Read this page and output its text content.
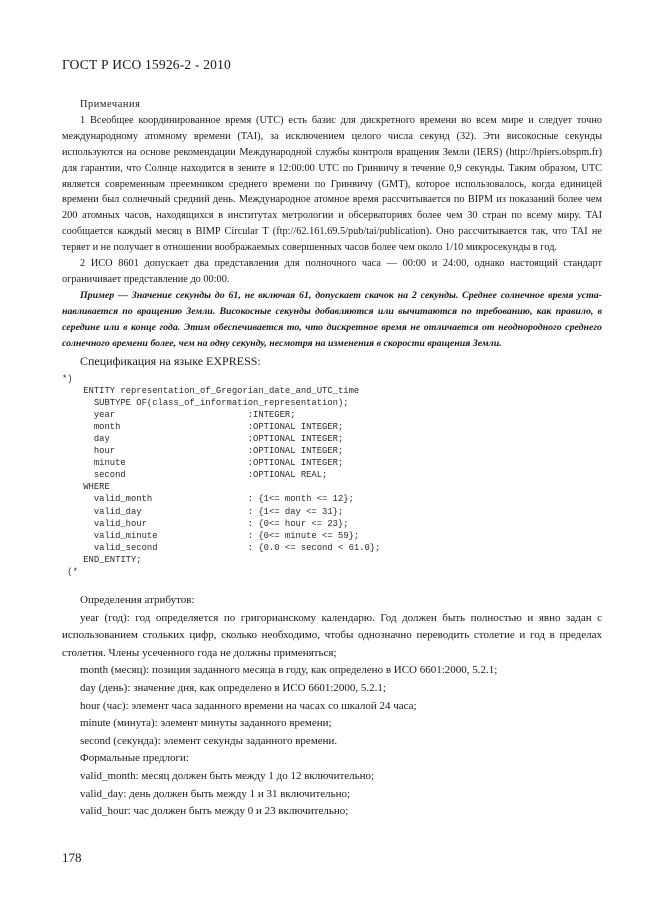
ГОСТ Р ИСО 15926-2 - 2010

Примечания

1 Всеобщее координированное время (UTC) есть базис для дискретного времени во всем мире и следует точно международному атомному времени (TAI), за исключением целого числа секунд (32). Эти високосные секунды используются на основе рекомендации Международной службы контроля вращения Земли (IERS) (http://hpiers.obspm.fr) для гарантии, что Солнце находится в зените в 12:00:00 UTC по Гринвичу в течение 0,9 секунды. Таким образом, UTC является современным преемником среднего времени по Гринвичу (GMT), которое использовалось, когда единицей времени был солнечный средний день. Международное атомное время рассчитывается по BIPM из показаний более чем 200 атомных часов, находящихся в институтах метрологии и обсерваториях более чем 30 стран по всему миру. TAI сообщается каждый месяц в BIMP Circular T (ftp://62.161.69.5/pub/tai/publication). Оно рассчитывается так, что TAI не теряет и не получает в отношении воображаемых совершенных часов более чем около 1/10 микросекунды в год.

2 ИСО 8601 допускает два представления для полночного часа — 00:00 и 24:00, однако настоящий стандарт ограничивает представление до 00:00.

Пример — Значение секунды до 61, не включая 61, допускает скачок на 2 секунды. Среднее солнечное время устанавливается по вращению Земли. Високосные секунды добавляются или вычитаются по требованию, как правило, в середине или в конце года. Этим обеспечивается то, что дискретное время не отличается от неоднородного среднего солнечного времени более, чем на одну секунду, несмотря на изменения в скорости вращения Земли.

Спецификация на языке EXPRESS:

*)
ENTITY representation_of_Gregorian_date_and_UTC_time
SUBTYPE OF(class_of_information_representation);
year                         :INTEGER;
month                        :OPTIONAL INTEGER;
day                          :OPTIONAL INTEGER;
hour                         :OPTIONAL INTEGER;
minute                       :OPTIONAL INTEGER;
second                       :OPTIONAL REAL;
WHERE
valid_month                  : {1<= month <= 12};
valid_day                    : {1<= day <= 31};
valid_hour                   : {0<= hour <= 23};
valid_minute                 : {0<= minute <= 59};
valid_second                 : {0.0 <= second < 61.0};
END_ENTITY;
(*

Определения атрибутов:

year (год): год определяется по григорианскому календарю. Год должен быть полностью и явно задан с использованием стольких цифр, сколько необходимо, чтобы однозначно переводить столетие и год в пределах столетия. Члены усеченного года не должны применяться;

month (месяц): позиция заданного месяца в году, как определено в ИСО 6601:2000, 5.2.1;

day (день): значение дня, как определено в ИСО 6601:2000, 5.2.1;

hour (час): элемент часа заданного времени на часах со шкалой 24 часа;

minute (минута): элемент минуты заданного времени;

second (секунда): элемент секунды заданного времени.

Формальные предлоги:

valid_month: месяц должен быть между 1 до 12 включительно;

valid_day: день должен быть между 1 и 31 включительно;

valid_hour: час должен быть между 0 и 23 включительно;

178
